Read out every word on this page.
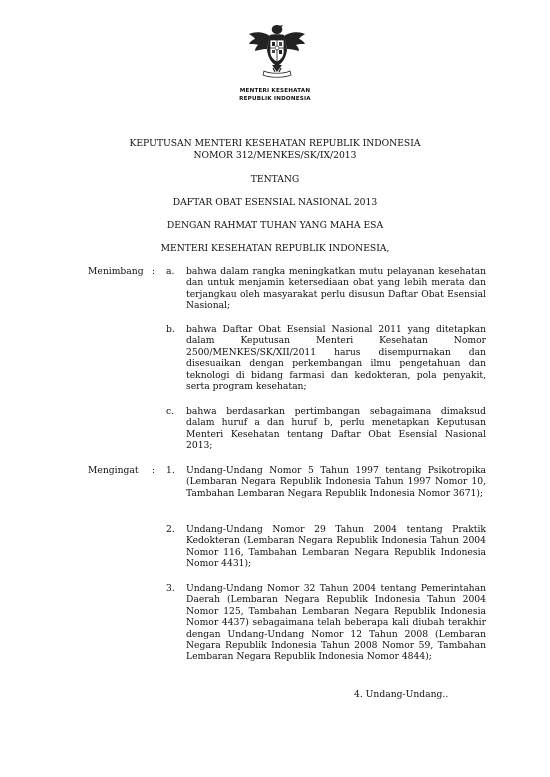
MENTERI KESEHATAN
REPUBLIK INDONESIA
KEPUTUSAN MENTERI KESEHATAN REPUBLIK INDONESIA
NOMOR 312/MENKES/SK/IX/2013
TENTANG
DAFTAR OBAT ESENSIAL NASIONAL 2013
DENGAN RAHMAT TUHAN YANG MAHA ESA
MENTERI KESEHATAN REPUBLIK INDONESIA,
Menimbang : a. bahwa dalam rangka meningkatkan mutu pelayanan kesehatan dan untuk menjamin ketersediaan obat yang lebih merata dan terjangkau oleh masyarakat perlu disusun Daftar Obat Esensial Nasional;
b. bahwa Daftar Obat Esensial Nasional 2011 yang ditetapkan dalam Keputusan Menteri Kesehatan Nomor 2500/MENKES/SK/XII/2011 harus disempurnakan dan disesuaikan dengan perkembangan ilmu pengetahuan dan teknologi di bidang farmasi dan kedokteran, pola penyakit, serta program kesehatan;
c. bahwa berdasarkan pertimbangan sebagaimana dimaksud dalam huruf a dan huruf b, perlu menetapkan Keputusan Menteri Kesehatan tentang Daftar Obat Esensial Nasional 2013;
Mengingat : 1. Undang-Undang Nomor 5 Tahun 1997 tentang Psikotropika (Lembaran Negara Republik Indonesia Tahun 1997 Nomor 10, Tambahan Lembaran Negara Republik Indonesia Nomor 3671);
2. Undang-Undang Nomor 29 Tahun 2004 tentang Praktik Kedokteran (Lembaran Negara Republik Indonesia Tahun 2004 Nomor 116, Tambahan Lembaran Negara Republik Indonesia Nomor 4431);
3. Undang-Undang Nomor 32 Tahun 2004 tentang Pemerintahan Daerah (Lembaran Negara Republik Indonesia Tahun 2004 Nomor 125, Tambahan Lembaran Negara Republik Indonesia Nomor 4437) sebagaimana telah beberapa kali diubah terakhir dengan Undang-Undang Nomor 12 Tahun 2008 (Lembaran Negara Republik Indonesia Tahun 2008 Nomor 59, Tambahan Lembaran Negara Republik Indonesia Nomor 4844);
4. Undang-Undang..
